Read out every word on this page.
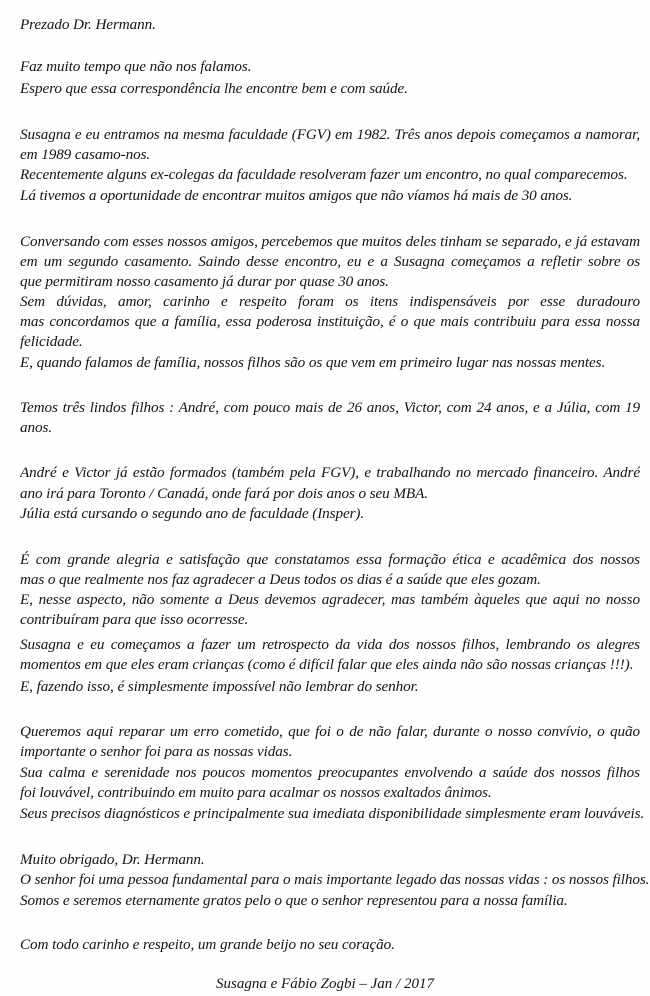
Prezado Dr. Hermann.
Faz muito tempo que não nos falamos.
Espero que essa correspondência lhe encontre bem e com saúde.
Susagna e eu entramos na mesma faculdade (FGV) em 1982. Três anos depois começamos a namorar,
em 1989 casamo-nos.
Recentemente alguns ex-colegas da faculdade resolveram fazer um encontro, no qual comparecemos.
Lá tivemos a oportunidade de encontrar muitos amigos que não víamos há mais de 30 anos.
Conversando com esses nossos amigos, percebemos que muitos deles tinham se separado, e já estavam
em um segundo casamento. Saindo desse encontro, eu e a Susagna começamos a refletir sobre os
que permitiram nosso casamento já durar por quase 30 anos.
Sem dúvidas, amor, carinho e respeito foram os itens indispensáveis por esse duradouro
mas concordamos que a família, essa poderosa instituição, é o que mais contribuiu para essa nossa
felicidade.
E, quando falamos de família, nossos filhos são os que vem em primeiro lugar nas nossas mentes.
Temos três lindos filhos : André, com pouco mais de 26 anos, Victor, com 24 anos, e a Júlia, com 19
anos.
André e Victor já estão formados (também pela FGV), e trabalhando no mercado financeiro. André
ano irá para Toronto / Canadá, onde fará por dois anos o seu MBA.
Júlia está cursando o segundo ano de faculdade (Insper).
É com grande alegria e satisfação que constatamos essa formação ética e acadêmica dos nossos
mas o que realmente nos faz agradecer a Deus todos os dias é a saúde que eles gozam.
E, nesse aspecto, não somente a Deus devemos agradecer, mas também àqueles que aqui no nosso
contribuíram para que isso ocorresse.
Susagna e eu começamos a fazer um retrospecto da vida dos nossos filhos, lembrando os alegres
momentos em que eles eram crianças (como é difícil falar que eles ainda não são nossas crianças !!!).
E, fazendo isso, é simplesmente impossível não lembrar do senhor.
Queremos aqui reparar um erro cometido, que foi o de não falar, durante o nosso convívio, o quão
importante o senhor foi para as nossas vidas.
Sua calma e serenidade nos poucos momentos preocupantes envolvendo a saúde dos nossos filhos
foi louvável, contribuindo em muito para acalmar os nossos exaltados ânimos.
Seus precisos diagnósticos e principalmente sua imediata disponibilidade simplesmente eram louváveis.
Muito obrigado, Dr. Hermann.
O senhor foi uma pessoa fundamental para o mais importante legado das nossas vidas : os nossos filhos.
Somos e seremos eternamente gratos pelo o que o senhor representou para a nossa família.
Com todo carinho e respeito, um grande beijo no seu coração.
Susagna e Fábio Zogbi – Jan / 2017
